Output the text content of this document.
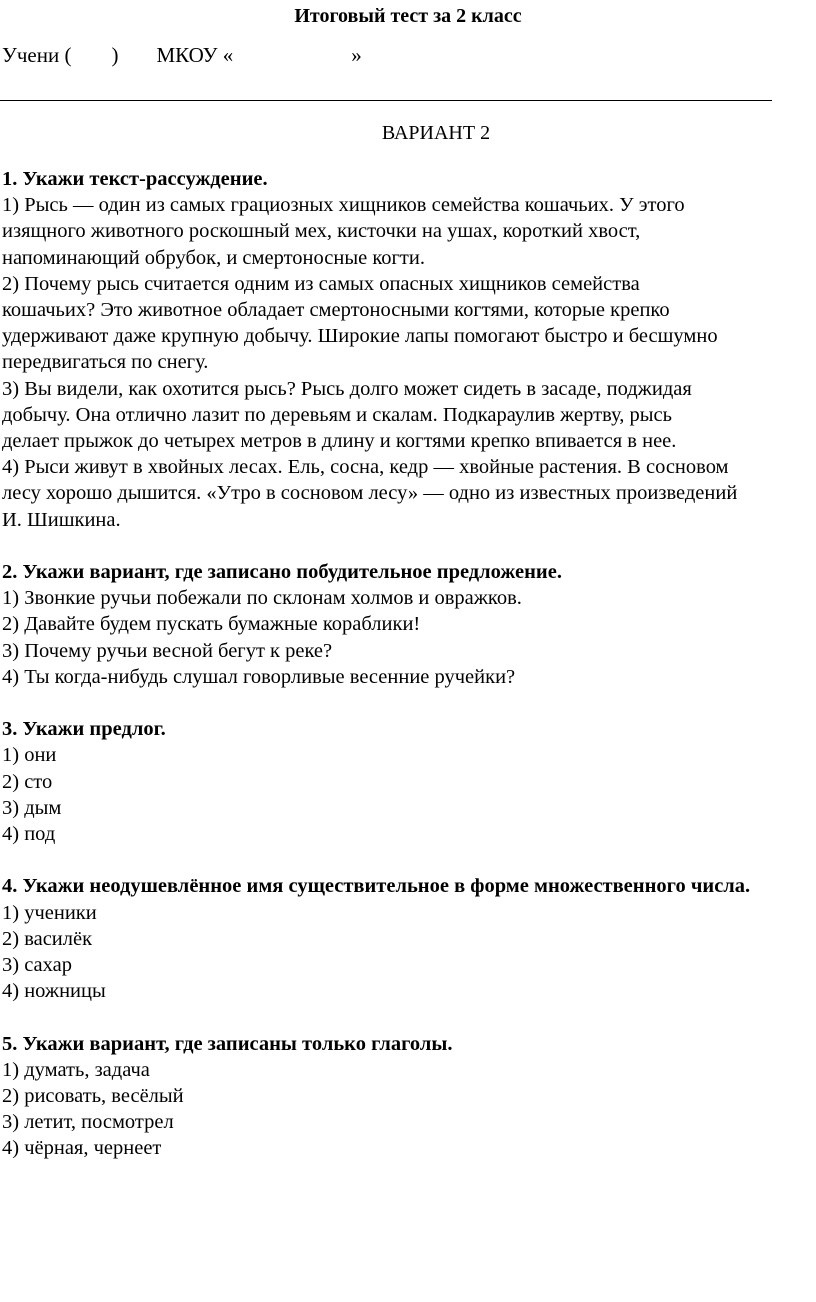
Итоговый тест за 2 класс
Учени ( ) МКОУ «	»
ВАРИАНТ 2
1. Укажи текст-рассуждение.
1) Рысь — один из самых грациозных хищников семейства кошачьих. У этого
изящного животного роскошный мех, кисточки на ушах, короткий хвост,
напоминающий обрубок, и смертоносные когти.
2) Почему рысь считается одним из самых опасных хищников семейства
кошачьих? Это животное обладает смертоносными когтями, которые крепко
удерживают даже крупную добычу. Широкие лапы помогают быстро и бесшумно
передвигаться по снегу.
3) Вы видели, как охотится рысь? Рысь долго может сидеть в засаде, поджидая
добычу. Она отлично лазит по деревьям и скалам. Подкараулив жертву, рысь
делает прыжок до четырех метров в длину и когтями крепко впивается в нее.
4) Рыси живут в хвойных лесах. Ель, сосна, кедр — хвойные растения. В сосновом
лесу хорошо дышится. «Утро в сосновом лесу» — одно из известных произведений
И. Шишкина.
2. Укажи вариант, где записано побудительное предложение.
1) Звонкие ручьи побежали по склонам холмов и овражков.
2) Давайте будем пускать бумажные кораблики!
3) Почему ручьи весной бегут к реке?
4) Ты когда-нибудь слушал говорливые весенние ручейки?
3. Укажи предлог.
1) они
2) сто
3) дым
4) под
4. Укажи неодушевлённое имя существительное в форме множественного числа.
1) ученики
2) василёк
3) сахар
4) ножницы
5. Укажи вариант, где записаны только глаголы.
1) думать, задача
2) рисовать, весёлый
3) летит, посмотрел
4) чёрная, чернеет
